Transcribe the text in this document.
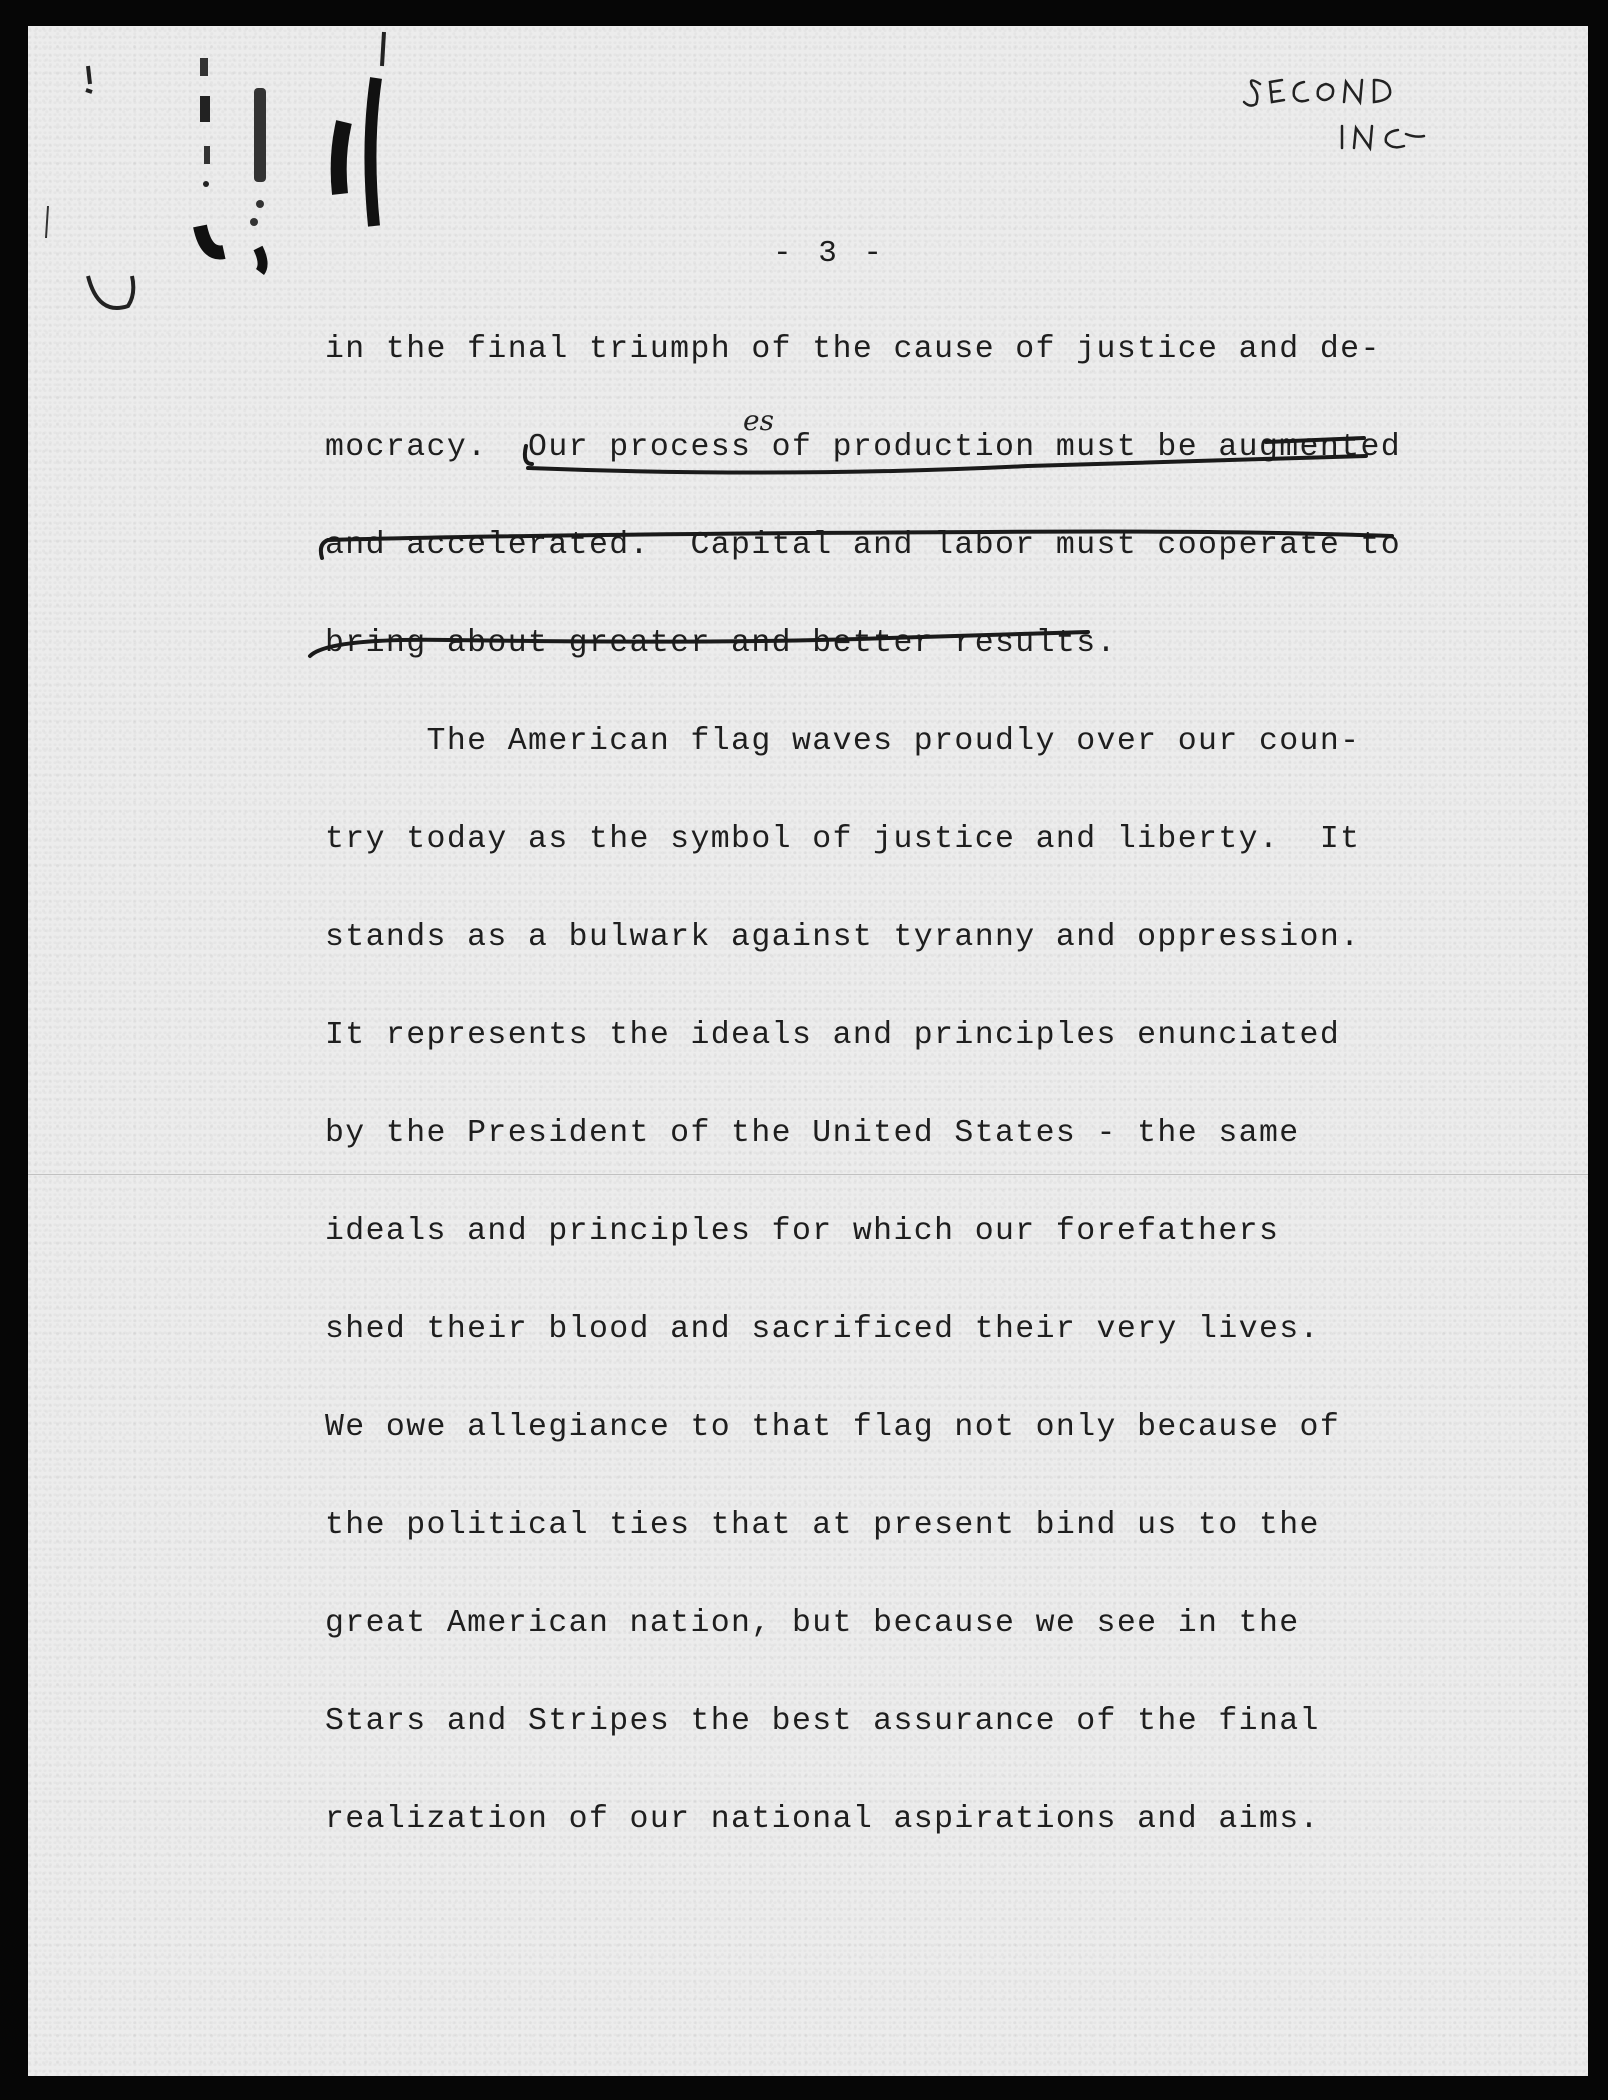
- 3 -
in the final triumph of the cause of justice and de-
mocracy.  Our process of production must be augmented
and accelerated.  Capital and labor must cooperate to
bring about greater and better results.
The American flag waves proudly over our coun-
try today as the symbol of justice and liberty.  It
stands as a bulwark against tyranny and oppression.
It represents the ideals and principles enunciated
by the President of the United States - the same
ideals and principles for which our forefathers
shed their blood and sacrificed their very lives.
We owe allegiance to that flag not only because of
the political ties that at present bind us to the
great American nation, but because we see in the
Stars and Stripes the best assurance of the final
realization of our national aspirations and aims.
es
